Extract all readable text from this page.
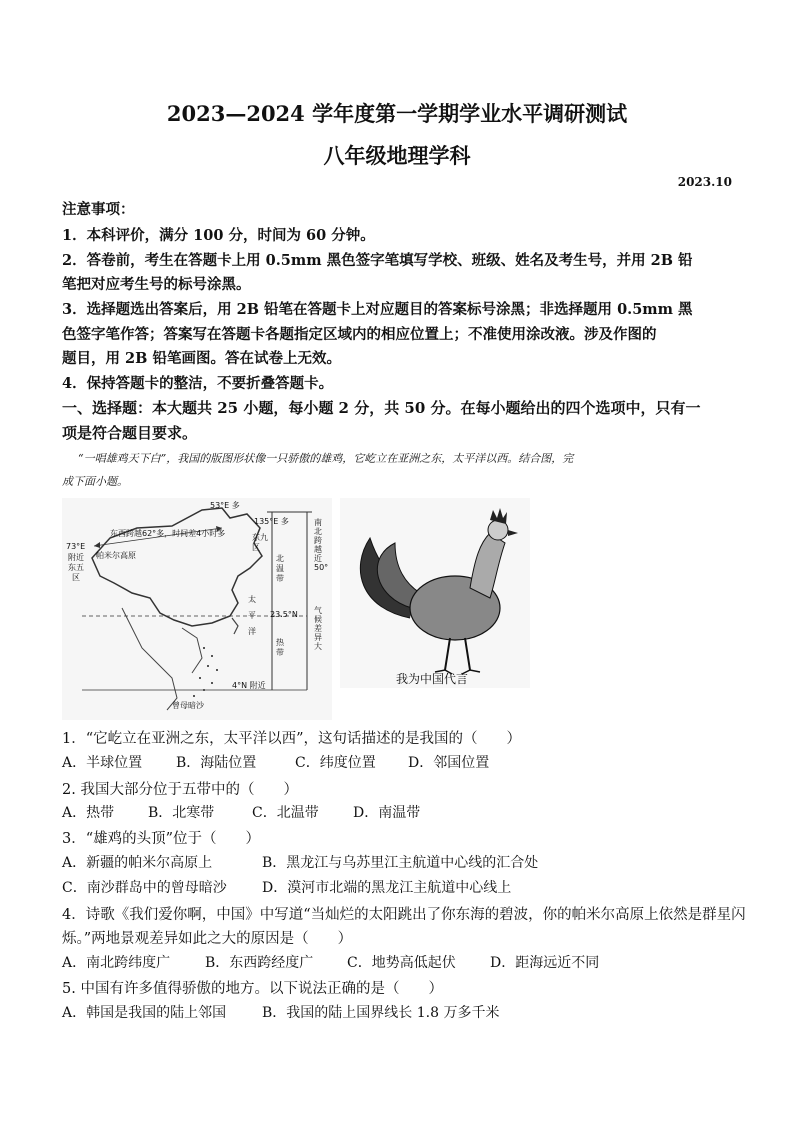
2023—2024 学年度第一学期学业水平调研测试
八年级地理学科
2023.10
注意事项：
1．本科评价，满分 100 分，时间为 60 分钟。
2．答卷前，考生在答题卡上用 0.5mm 黑色签字笔填写学校、班级、姓名及考生号，并用 2B 铅
笔把对应考生号的标号涂黑。
3．选择题选出答案后，用 2B 铅笔在答题卡上对应题目的答案标号涂黑；非选择题用 0.5mm 黑
色签字笔作答；答案写在答题卡各题指定区域内的相应位置上；不准使用涂改液。涉及作图的
题目，用 2B 铅笔画图。答在试卷上无效。
4．保持答题卡的整洁，不要折叠答题卡。
一、选择题：本大题共 25 小题，每小题 2 分，共 50 分。在每小题给出的四个选项中，只有一
项是符合题目要求。
“一唱雄鸡天下白”，我国的版图形状像一只骄傲的雄鸡，它屹立在亚洲之东，太平洋以西。结合图，完
成下面小题。
53°E 多
135°E 多
73°E
附近
东五
区
东西跨越62°多，时间差4小时多
帕米尔高原
东九
区
北温带
23.5°N
太
平
洋
热带
4°N 附近
曾母暗沙
南北跨越近50°
气候差异大
我为中国代言
1．“它屹立在亚洲之东，太平洋以西”，这句话描述的是我国的（　　）
A．半球位置 B．海陆位置	C．纬度位置 D．邻国位置
2. 我国大部分位于五带中的（　　）
A．热带 B．北寒带	C．北温带 D．南温带
3．“雄鸡的头顶”位于（　　）
A．新疆的帕米尔高原上	B．黑龙江与乌苏里江主航道中心线的汇合处
C．南沙群岛中的曾母暗沙	D．漠河市北端的黑龙江主航道中心线上
4．诗歌《我们爱你啊，中国》中写道“当灿烂的太阳跳出了你东海的碧波，你的帕米尔高原上依然是群星闪
烁。”两地景观差异如此之大的原因是（　　）
A．南北跨纬度广 B．东西跨经度广 C．地势高低起伏 D．距海远近不同
5. 中国有许多值得骄傲的地方。以下说法正确的是（　　）
A．韩国是我国的陆上邻国	B．我国的陆上国界线长 1.8 万多千米
